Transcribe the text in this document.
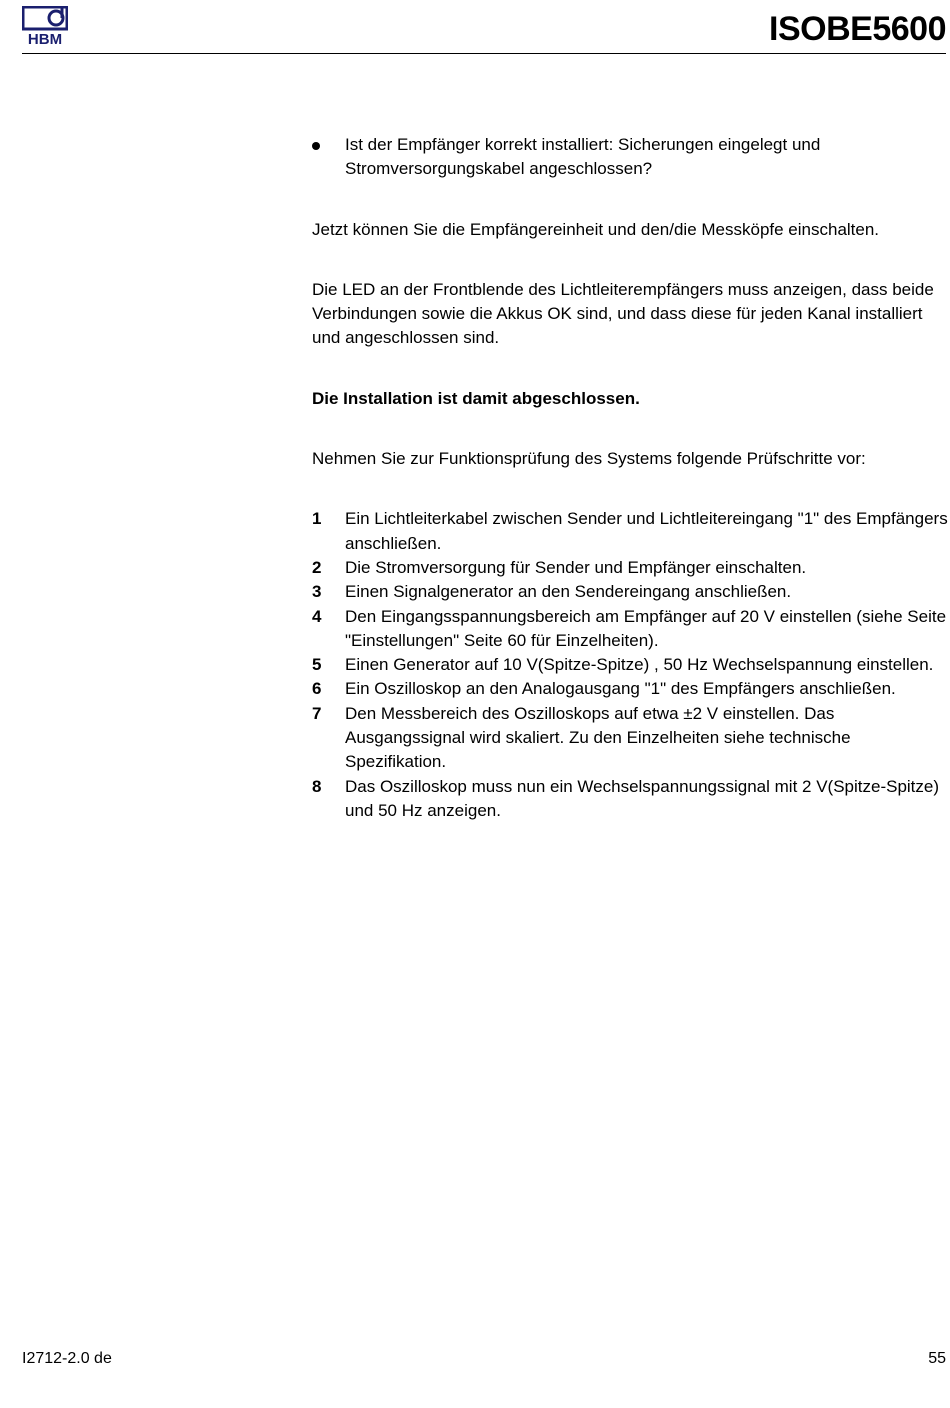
HBM	ISOBE5600
Ist der Empfänger korrekt installiert: Sicherungen eingelegt und Stromversorgungskabel angeschlossen?

Jetzt können Sie die Empfängereinheit und den/die Messköpfe einschalten.

Die LED an der Frontblende des Lichtleiterempfängers muss anzeigen, dass beide Verbindungen sowie die Akkus OK sind, und dass diese für jeden Kanal installiert und angeschlossen sind.

Die Installation ist damit abgeschlossen.

Nehmen Sie zur Funktionsprüfung des Systems folgende Prüfschritte vor:

1 Ein Lichtleiterkabel zwischen Sender und Lichtleitereingang "1" des Empfängers anschließen.
2 Die Stromversorgung für Sender und Empfänger einschalten.
3 Einen Signalgenerator an den Sendereingang anschließen.
4 Den Eingangsspannungsbereich am Empfänger auf 20 V einstellen (siehe Seite "Einstellungen" Seite 60 für Einzelheiten).
5 Einen Generator auf 10 V(Spitze-Spitze) , 50 Hz Wechselspannung einstellen.
6 Ein Oszilloskop an den Analogausgang "1" des Empfängers anschließen.
7 Den Messbereich des Oszilloskops auf etwa ±2 V einstellen. Das Ausgangssignal wird skaliert. Zu den Einzelheiten siehe technische Spezifikation.
8 Das Oszilloskop muss nun ein Wechselspannungssignal mit 2 V(Spitze-Spitze) und 50 Hz anzeigen.
I2712-2.0 de	55
